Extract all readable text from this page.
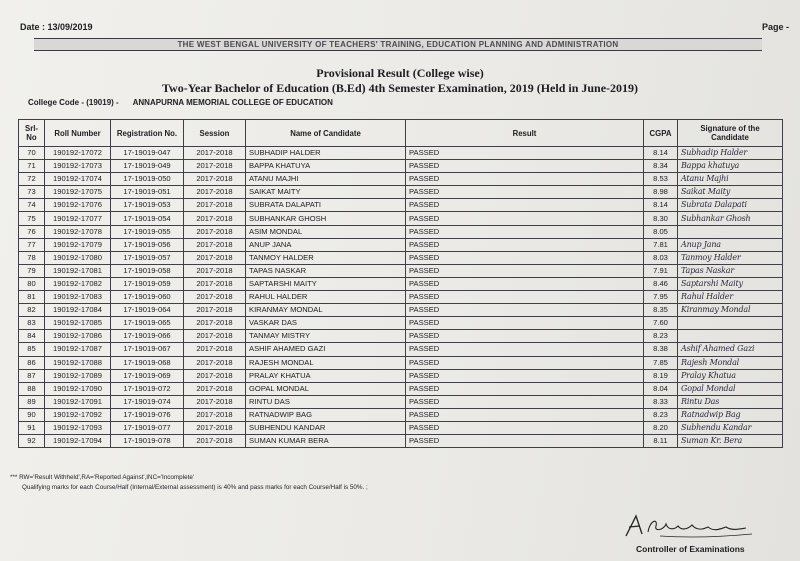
Date : 13/09/2019	Page -
THE WEST BENGAL UNIVERSITY OF TEACHERS' TRAINING, EDUCATION PLANNING AND ADMINISTRATION
Provisional Result (College wise)
Two-Year Bachelor of Education (B.Ed) 4th Semester Examination, 2019 (Held in June-2019)
College Code - (19019) - ANNAPURNA MEMORIAL COLLEGE OF EDUCATION
Srl-No	Roll Number	Registration No.	Session	Name of Candidate	Result	CGPA	Signature of the Candidate
70	190192-17072	17-19019-047	2017-2018	SUBHADIP HALDER	PASSED	8.14	Subhadip Halder
71	190192-17073	17-19019-049	2017-2018	BAPPA KHATUYA	PASSED	8.34	Bappa khatuya
72	190192-17074	17-19019-050	2017-2018	ATANU MAJHI	PASSED	8.53	Atanu Majhi
73	190192-17075	17-19019-051	2017-2018	SAIKAT MAITY	PASSED	8.98	Saikat Maity
74	190192-17076	17-19019-053	2017-2018	SUBRATA DALAPATI	PASSED	8.14	Subrata Dalapati
75	190192-17077	17-19019-054	2017-2018	SUBHANKAR GHOSH	PASSED	8.30	Subhankar Ghosh
76	190192-17078	17-19019-055	2017-2018	ASIM MONDAL	PASSED	8.05	
77	190192-17079	17-19019-056	2017-2018	ANUP JANA	PASSED	7.81	Anup Jana
78	190192-17080	17-19019-057	2017-2018	TANMOY HALDER	PASSED	8.03	Tanmoy Halder
79	190192-17081	17-19019-058	2017-2018	TAPAS NASKAR	PASSED	7.91	Tapas Naskar
80	190192-17082	17-19019-059	2017-2018	SAPTARSHI MAITY	PASSED	8.46	Saptarshi Maity
81	190192-17083	17-19019-060	2017-2018	RAHUL HALDER	PASSED	7.95	Rahul Halder
82	190192-17084	17-19019-064	2017-2018	KIRANMAY MONDAL	PASSED	8.35	Kiranmay Mondal
83	190192-17085	17-19019-065	2017-2018	VASKAR DAS	PASSED	7.60	
84	190192-17086	17-19019-066	2017-2018	TANMAY MISTRY	PASSED	8.23	
85	190192-17087	17-19019-067	2017-2018	ASHIF AHAMED GAZI	PASSED	8.38	Ashif Ahamed Gazi
86	190192-17088	17-19019-068	2017-2018	RAJESH MONDAL	PASSED	7.85	Rajesh Mondal
87	190192-17089	17-19019-069	2017-2018	PRALAY KHATUA	PASSED	8.19	Pralay Khatua
88	190192-17090	17-19019-072	2017-2018	GOPAL MONDAL	PASSED	8.04	Gopal Mondal
89	190192-17091	17-19019-074	2017-2018	RINTU DAS	PASSED	8.33	Rintu Das
90	190192-17092	17-19019-076	2017-2018	RATNADWIP BAG	PASSED	8.23	Ratnadwip Bag
91	190192-17093	17-19019-077	2017-2018	SUBHENDU KANDAR	PASSED	8.20	Subhendu Kandar
92	190192-17094	17-19019-078	2017-2018	SUMAN KUMAR BERA	PASSED	8.11	Suman Kr. Bera
*** RW='Result Withheld',RA='Reported Against',INC='Incomplete'
Qualifying marks for each Course/Half (Internal/External assessment) is 40% and pass marks for each Course/Half is 50%. ;
Controller of Examinations
